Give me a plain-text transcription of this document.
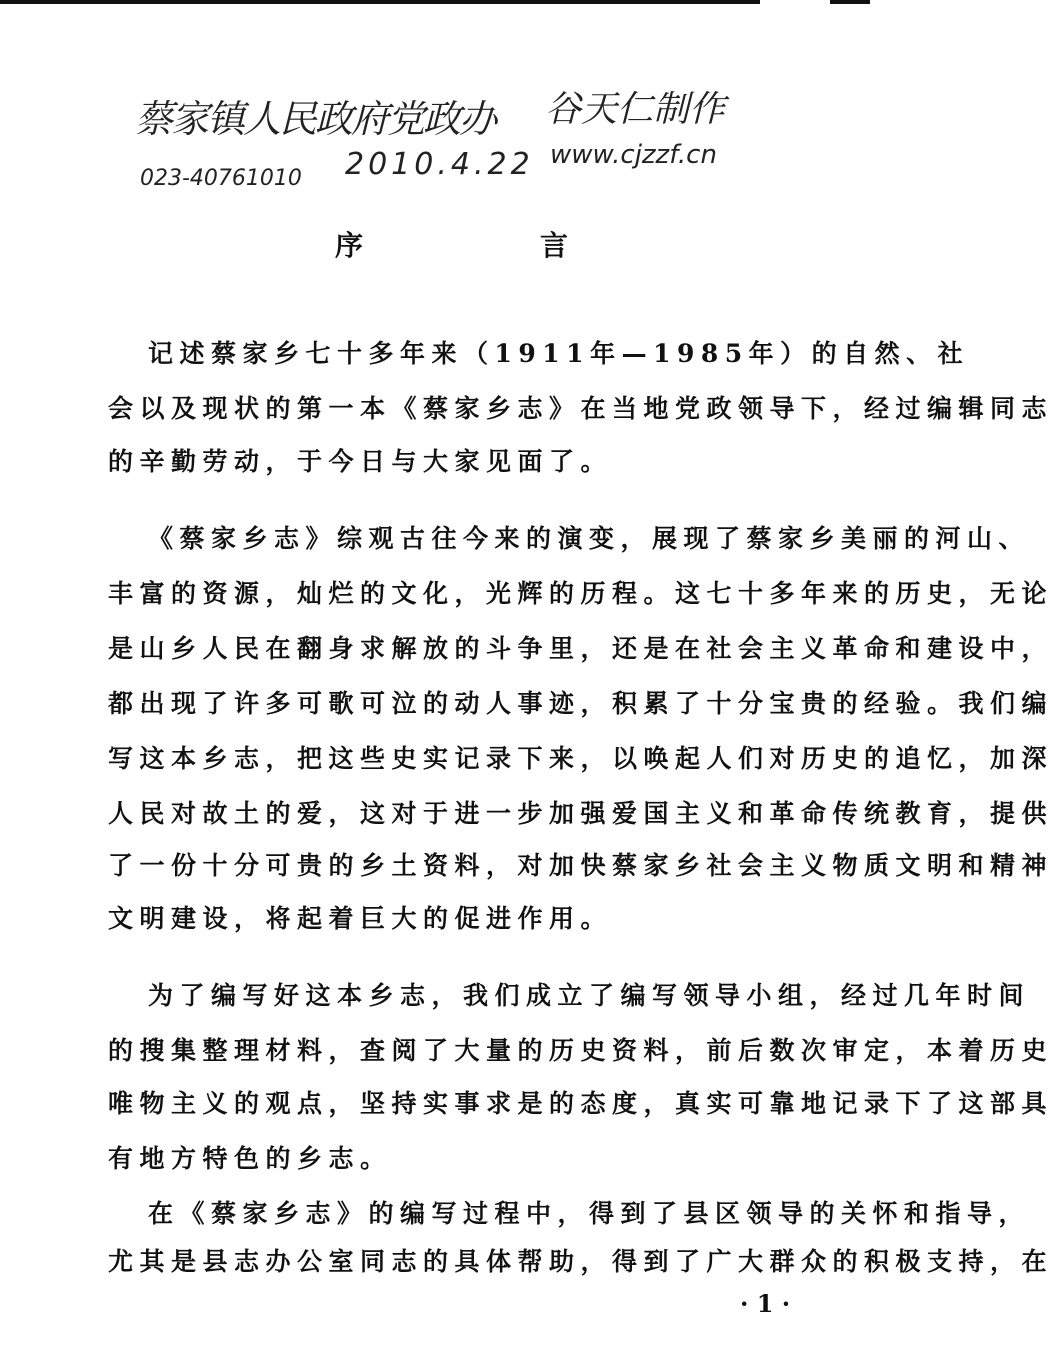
蔡家镇人民政府党政办 谷天仁制作
023-40761010 2010.4.22 www.cjzzf.cn
序	言
记述蔡家乡七十多年来（1911年—1985年）的自然、社
会以及现状的第一本《蔡家乡志》在当地党政领导下，经过编辑同志
的辛勤劳动，于今日与大家见面了。
《蔡家乡志》综观古往今来的演变，展现了蔡家乡美丽的河山、
丰富的资源，灿烂的文化，光辉的历程。这七十多年来的历史，无论
是山乡人民在翻身求解放的斗争里，还是在社会主义革命和建设中，
都出现了许多可歌可泣的动人事迹，积累了十分宝贵的经验。我们编
写这本乡志，把这些史实记录下来，以唤起人们对历史的追忆，加深
人民对故土的爱，这对于进一步加强爱国主义和革命传统教育，提供
了一份十分可贵的乡土资料，对加快蔡家乡社会主义物质文明和精神
文明建设，将起着巨大的促进作用。
为了编写好这本乡志，我们成立了编写领导小组，经过几年时间
的搜集整理材料，查阅了大量的历史资料，前后数次审定，本着历史
唯物主义的观点，坚持实事求是的态度，真实可靠地记录下了这部具
有地方特色的乡志。
在《蔡家乡志》的编写过程中，得到了县区领导的关怀和指导，
尤其是县志办公室同志的具体帮助，得到了广大群众的积极支持，在
· 1 ·
